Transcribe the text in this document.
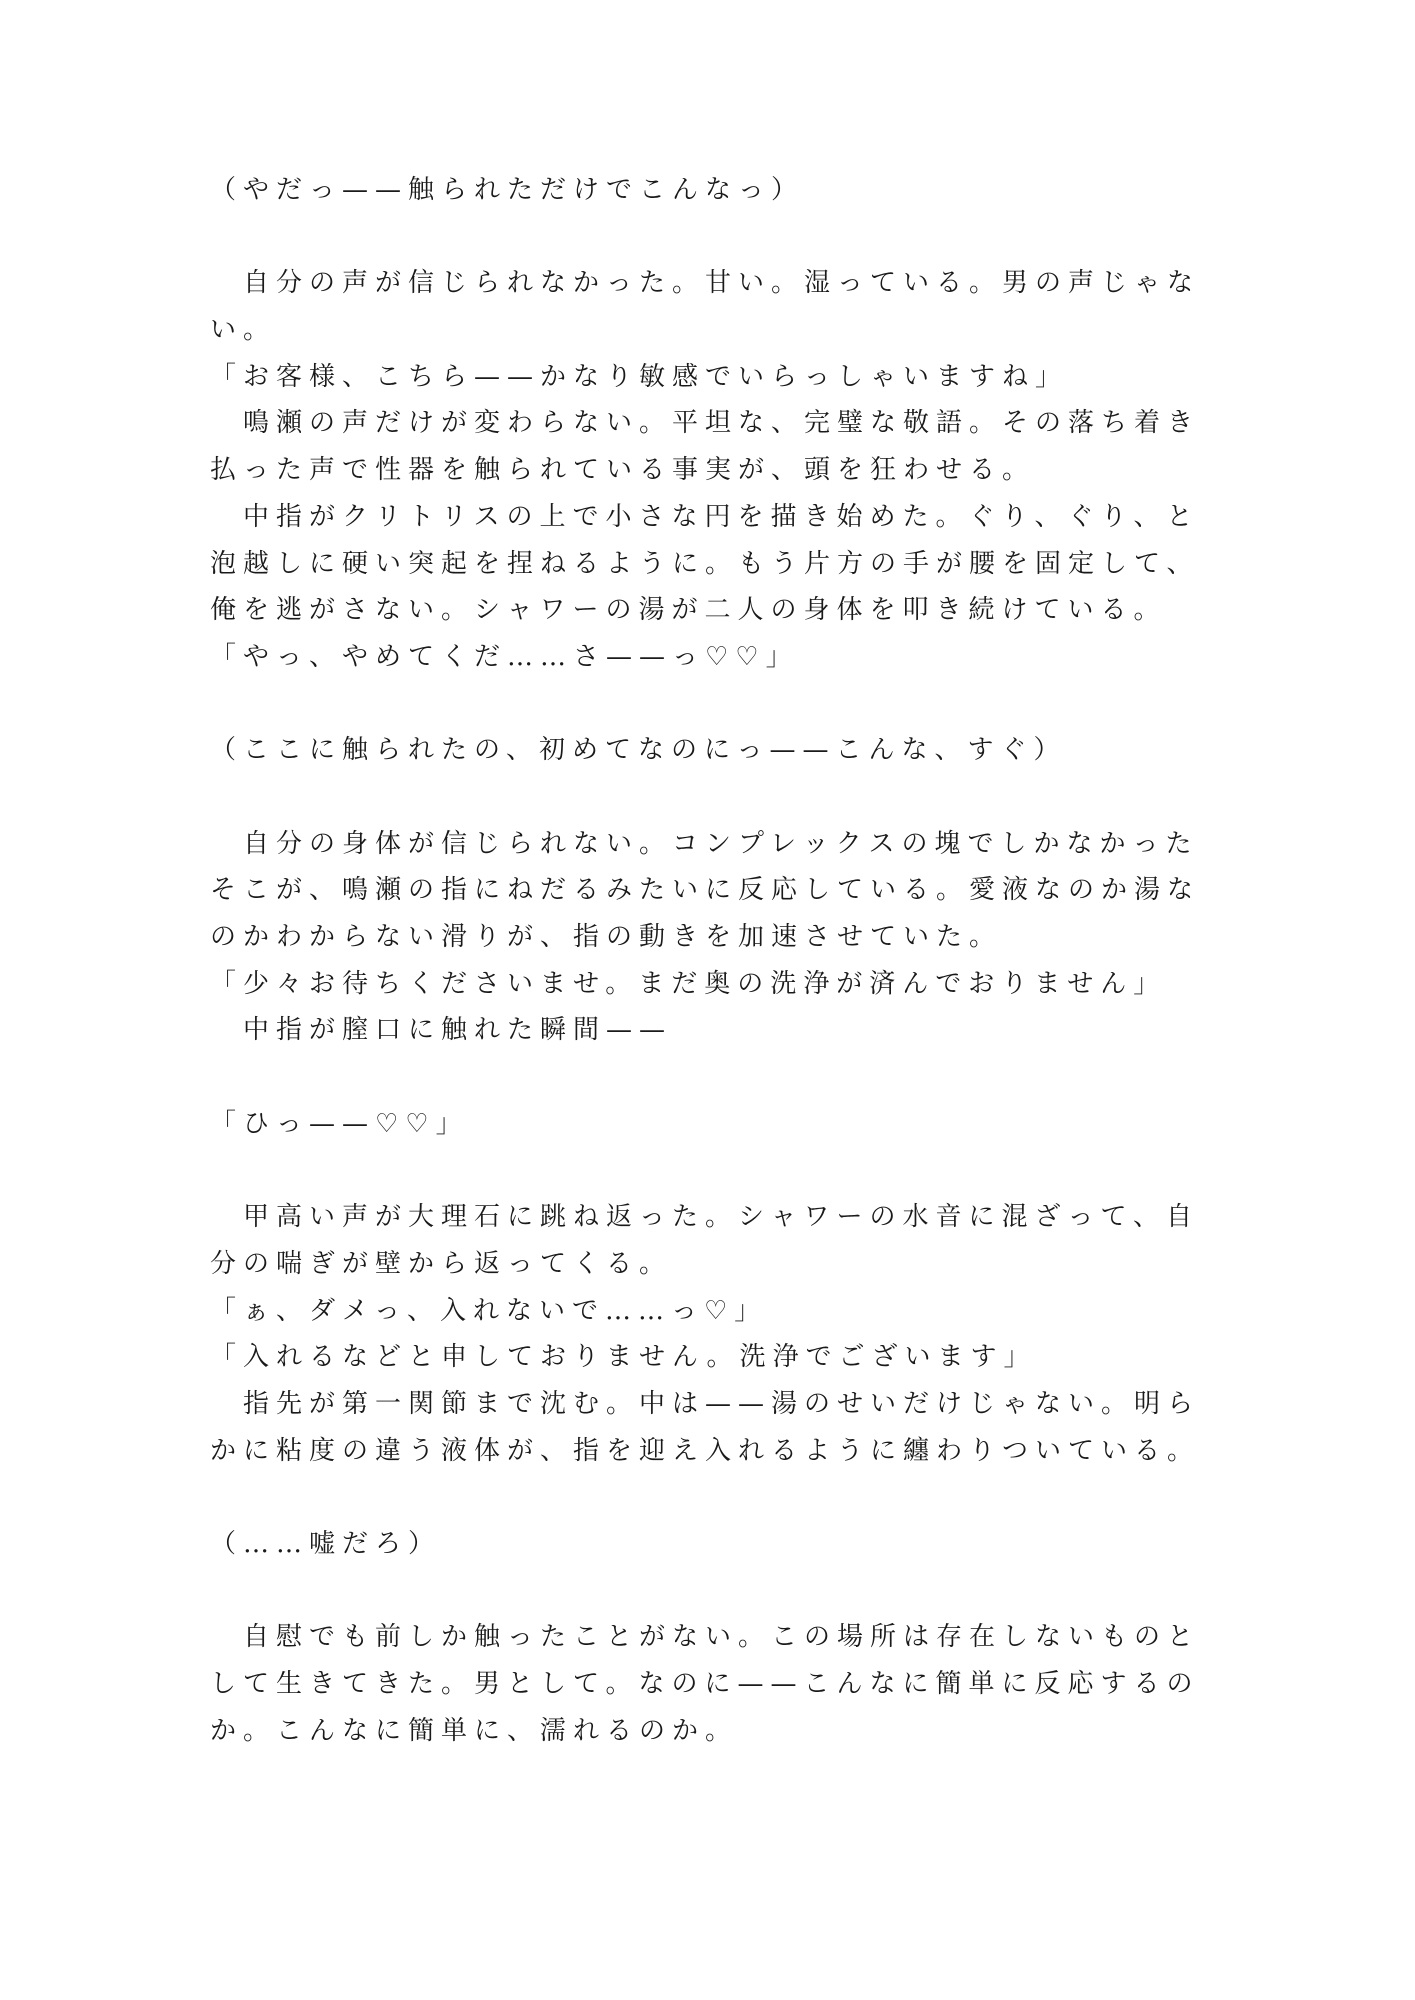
（やだっ——触られただけでこんなっ）
　自分の声が信じられなかった。甘い。湿っている。男の声じゃな
い。
「お客様、こちら——かなり敏感でいらっしゃいますね」
　鳴瀬の声だけが変わらない。平坦な、完璧な敬語。その落ち着き
払った声で性器を触られている事実が、頭を狂わせる。
　中指がクリトリスの上で小さな円を描き始めた。ぐり、ぐり、と
泡越しに硬い突起を捏ねるように。もう片方の手が腰を固定して、
俺を逃がさない。シャワーの湯が二人の身体を叩き続けている。
「やっ、やめてくだ……さ——っ♡♡」
（ここに触られたの、初めてなのにっ——こんな、すぐ）
　自分の身体が信じられない。コンプレックスの塊でしかなかった
そこが、鳴瀬の指にねだるみたいに反応している。愛液なのか湯な
のかわからない滑りが、指の動きを加速させていた。
「少々お待ちくださいませ。まだ奥の洗浄が済んでおりません」
　中指が膣口に触れた瞬間——
「ひっ——♡♡」
　甲高い声が大理石に跳ね返った。シャワーの水音に混ざって、自
分の喘ぎが壁から返ってくる。
「ぁ、ダメっ、入れないで……っ♡」
「入れるなどと申しておりません。洗浄でございます」
　指先が第一関節まで沈む。中は——湯のせいだけじゃない。明ら
かに粘度の違う液体が、指を迎え入れるように纏わりついている。
（……嘘だろ）
　自慰でも前しか触ったことがない。この場所は存在しないものと
して生きてきた。男として。なのに——こんなに簡単に反応するの
か。こんなに簡単に、濡れるのか。
